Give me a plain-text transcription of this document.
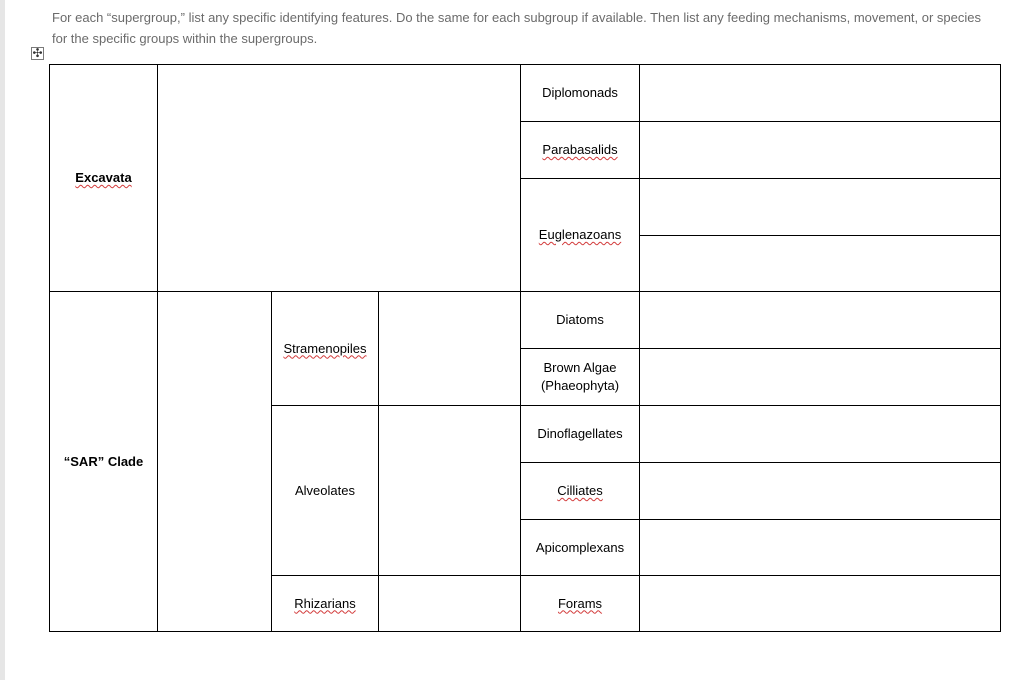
For each “supergroup,” list any specific identifying features. Do the same for each subgroup if available. Then list any feeding mechanisms, movement, or species for the specific groups within the supergroups.
✣
Excavata
Diplomonads
Parabasalids
Euglenazoans
“SAR” Clade
Stramenopiles
Alveolates
Rhizarians
Diatoms
Brown Algae
(Phaeophyta)
Dinoflagellates
Cilliates
Apicomplexans
Forams
